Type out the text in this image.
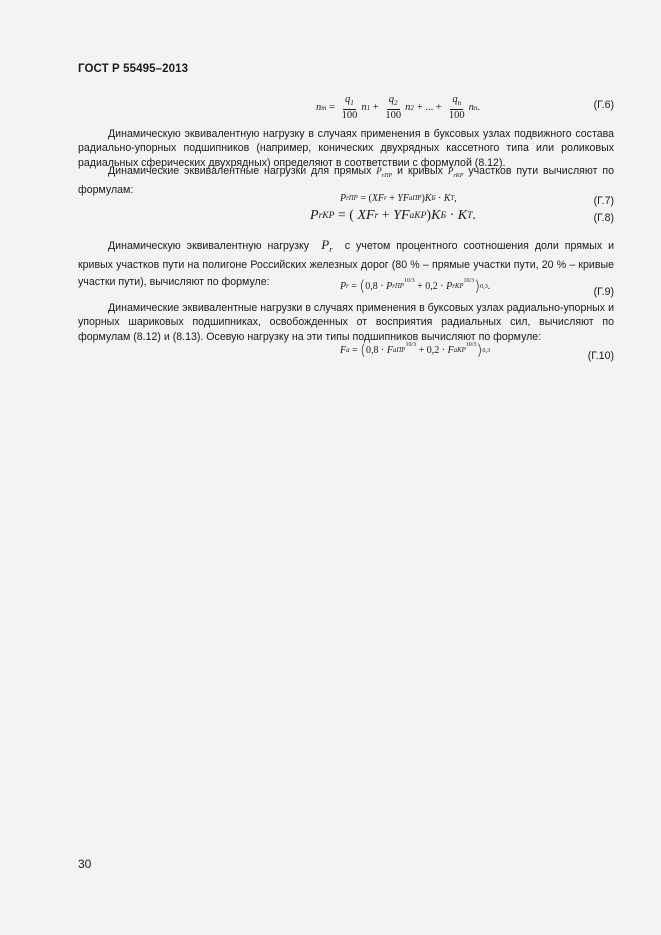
ГОСТ Р 55495–2013
n $m = \frac{q_1}{100}$ n $1 + \frac{q_2}{100}$ n 2 + ... + $\frac{q_n}{100}$ n n .	(Г.6)
Динамическую эквивалентную нагрузку в случаях применения в буксовых узлах подвижного состава радиально-упорных подшипников (например, конических двухрядных кассетного типа или роликовых радиальных сферических двухрядных) определяют в соответствии с формулой (8.12).
Динамические эквивалентные нагрузки для прямых $P_{rПР}$ и кривых $P_{rКР}$ участков пути вычисляют по формулам:
P rПР = ( XF r + YF aПР ) K Б · K T ,	(Г.7)
P rКР = ( XF r + YF aКР ) K Б · K T .	(Г.8)
Динамическую эквивалентную нагрузку  $P_r$ с учетом процентного соотношения доли прямых и кривых участков пути на полигоне Российских железных дорог (80 % – прямые участки пути, 20 % – кривые участки пути), вычисляют по формуле:	P r = ( 0,8 · P rПР
10/3
+ 0,2 · P rКР
10/3 ) 0,3 .	(Г.9)
Динамические эквивалентные нагрузки в случаях применения в буксовых узлах радиально-упорных и упорных шариковых подшипниках, освобожденных от восприятия радиальных сил, вычисляют по формулам (8.12) и (8.13). Осевую нагрузку на эти типы подшипников вычисляют по формуле:
F a = ( 0,8 · F aПР
10/3
+ 0,2 · F aКР
10/3 ) 0,3	(Г.10)
30
